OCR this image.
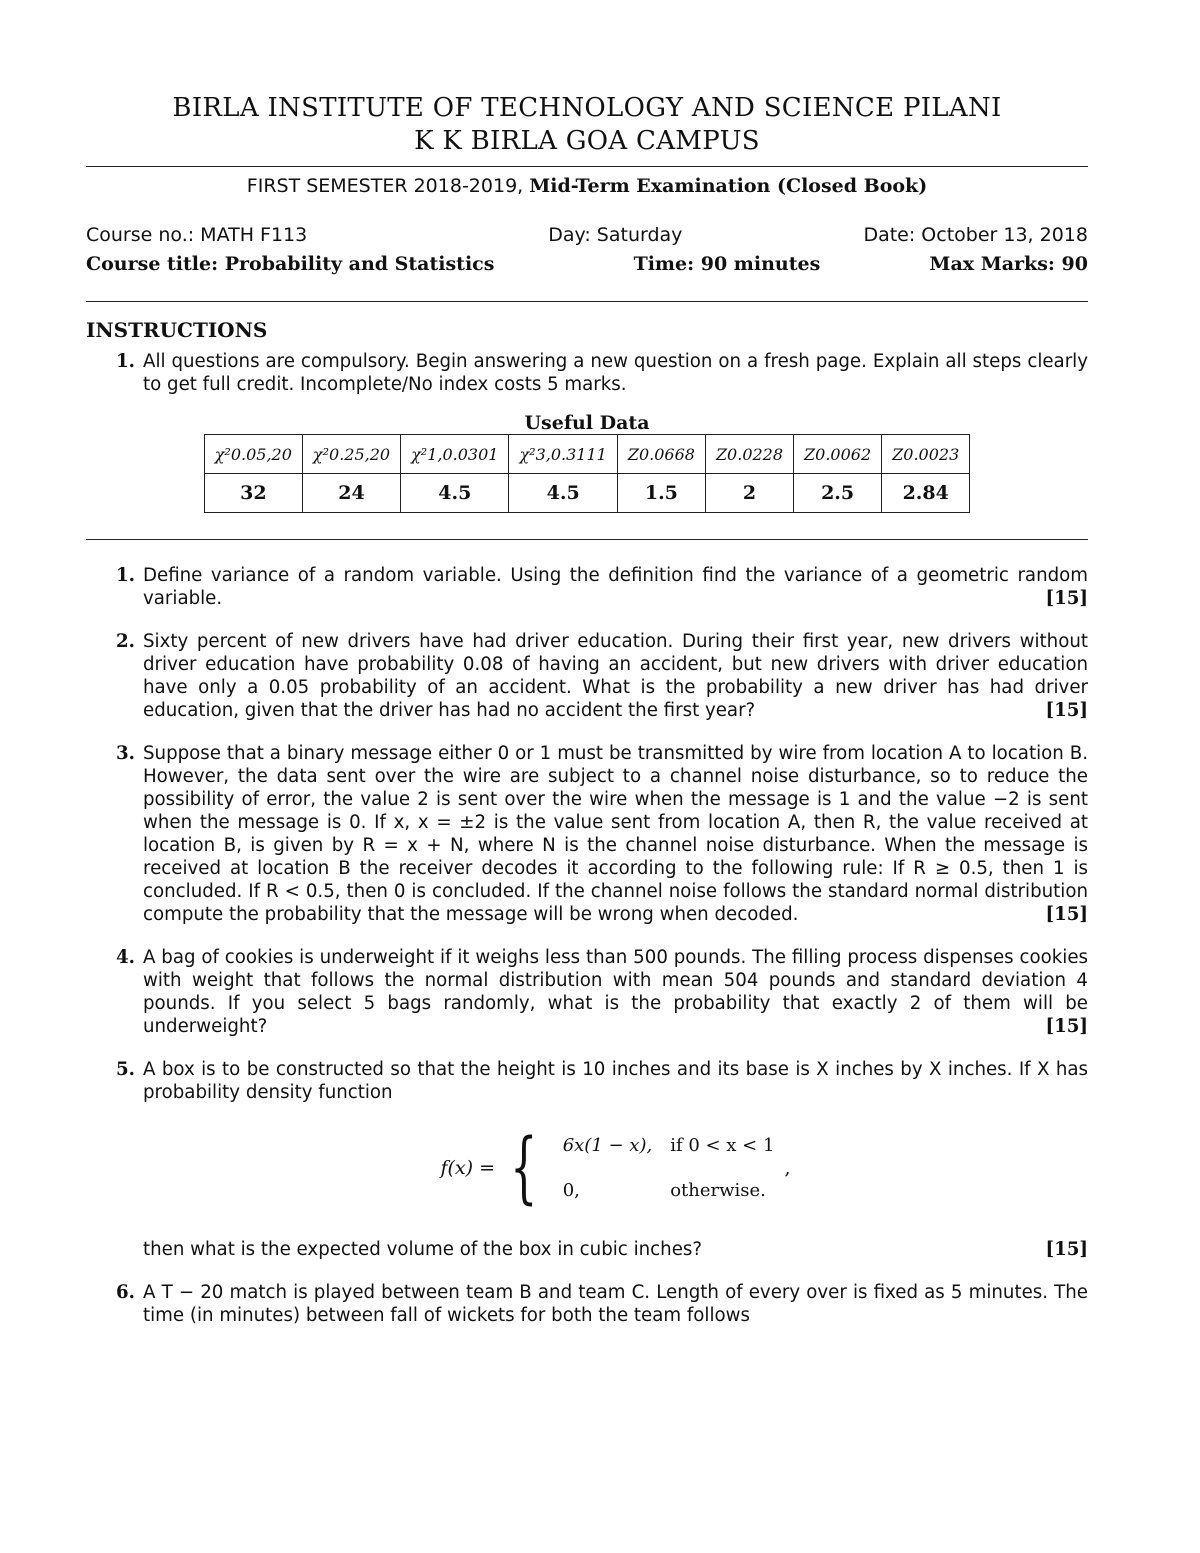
BIRLA INSTITUTE OF TECHNOLOGY AND SCIENCE PILANI
K K BIRLA GOA CAMPUS
FIRST SEMESTER 2018-2019, Mid-Term Examination (Closed Book)
Course no.: MATH F113	Day: Saturday	Date: October 13, 2018
Course title: Probability and Statistics	Time: 90 minutes	Max Marks: 90
INSTRUCTIONS
1. All questions are compulsory. Begin answering a new question on a fresh page. Explain all steps clearly to get full credit. Incomplete/No index costs 5 marks.
Useful Data
χ²0.05,20	χ²0.25,20	χ²1,0.0301	χ²3,0.3111	Z0.0668	Z0.0228	Z0.0062	Z0.0023
32	24	4.5	4.5	1.5	2	2.5	2.84
1. Define variance of a random variable. Using the definition find the variance of a geometric random variable.	[15]
2. Sixty percent of new drivers have had driver education. During their first year, new drivers without driver education have probability 0.08 of having an accident, but new drivers with driver education have only a 0.05 probability of an accident. What is the probability a new driver has had driver education, given that the driver has had no accident the first year?	[15]
3. Suppose that a binary message either 0 or 1 must be transmitted by wire from location A to location B. However, the data sent over the wire are subject to a channel noise disturbance, so to reduce the possibility of error, the value 2 is sent over the wire when the message is 1 and the value −2 is sent when the message is 0. If x, x = ±2 is the value sent from location A, then R, the value received at location B, is given by R = x + N, where N is the channel noise disturbance. When the message is received at location B the receiver decodes it according to the following rule: If R ≥ 0.5, then 1 is concluded. If R < 0.5, then 0 is concluded. If the channel noise follows the standard normal distribution compute the probability that the message will be wrong when decoded.	[15]
4. A bag of cookies is underweight if it weighs less than 500 pounds. The filling process dispenses cookies with weight that follows the normal distribution with mean 504 pounds and standard deviation 4 pounds. If you select 5 bags randomly, what is the probability that exactly 2 of them will be underweight?	[15]
5. A box is to be constructed so that the height is 10 inches and its base is X inches by X inches. If X has probability density function
f(x) = { 6x(1 − x),	if 0 < x < 1
0,	otherwise.
,
then what is the expected volume of the box in cubic inches?	[15]
6. A T − 20 match is played between team B and team C. Length of every over is fixed as 5 minutes. The time (in minutes) between fall of wickets for both the team follows
